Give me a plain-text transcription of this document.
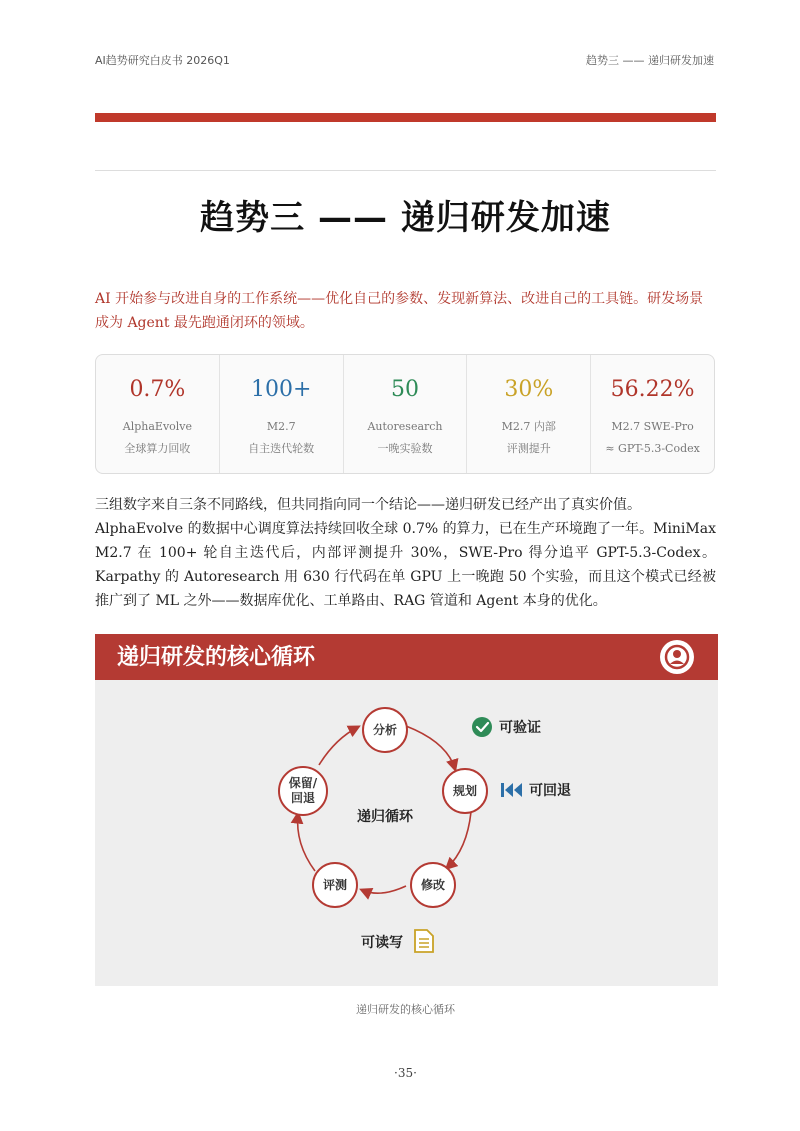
AI趋势研究白皮书 2026Q1	趋势三 —— 递归研发加速
趋势三 —— 递归研发加速
AI 开始参与改进自身的工作系统——优化自己的参数、发现新算法、改进自己的工具链。研发场景
成为 Agent 最先跑通闭环的领域。
0.7%
AlphaEvolve
全球算力回收
100+
M2.7
自主迭代轮数
50
Autoresearch
一晚实验数
30%
M2.7 内部
评测提升
56.22%
M2.7 SWE-Pro
≈ GPT-5.3-Codex

三组数字来自三条不同路线，但共同指向同一个结论——递归研发已经产出了真实价值。

AlphaEvolve 的数据中心调度算法持续回收全球 0.7% 的算力，已在生产环境跑了一年。MiniMax M2.7 在 100+ 轮自主迭代后，内部评测提升 30%，SWE-Pro 得分追平 GPT-5.3-Codex。Karpathy 的 Autoresearch 用 630 行代码在单 GPU 上一晚跑 50 个实验，而且这个模式已经被推广到了 ML 之外——数据库优化、工单路由、RAG 管道和 Agent 本身的优化。

递归研发的核心循环
分析
规划
修改
评测
保留/
回退
递归循环
可验证
可回退
可读写
递归研发的核心循环
·35·
